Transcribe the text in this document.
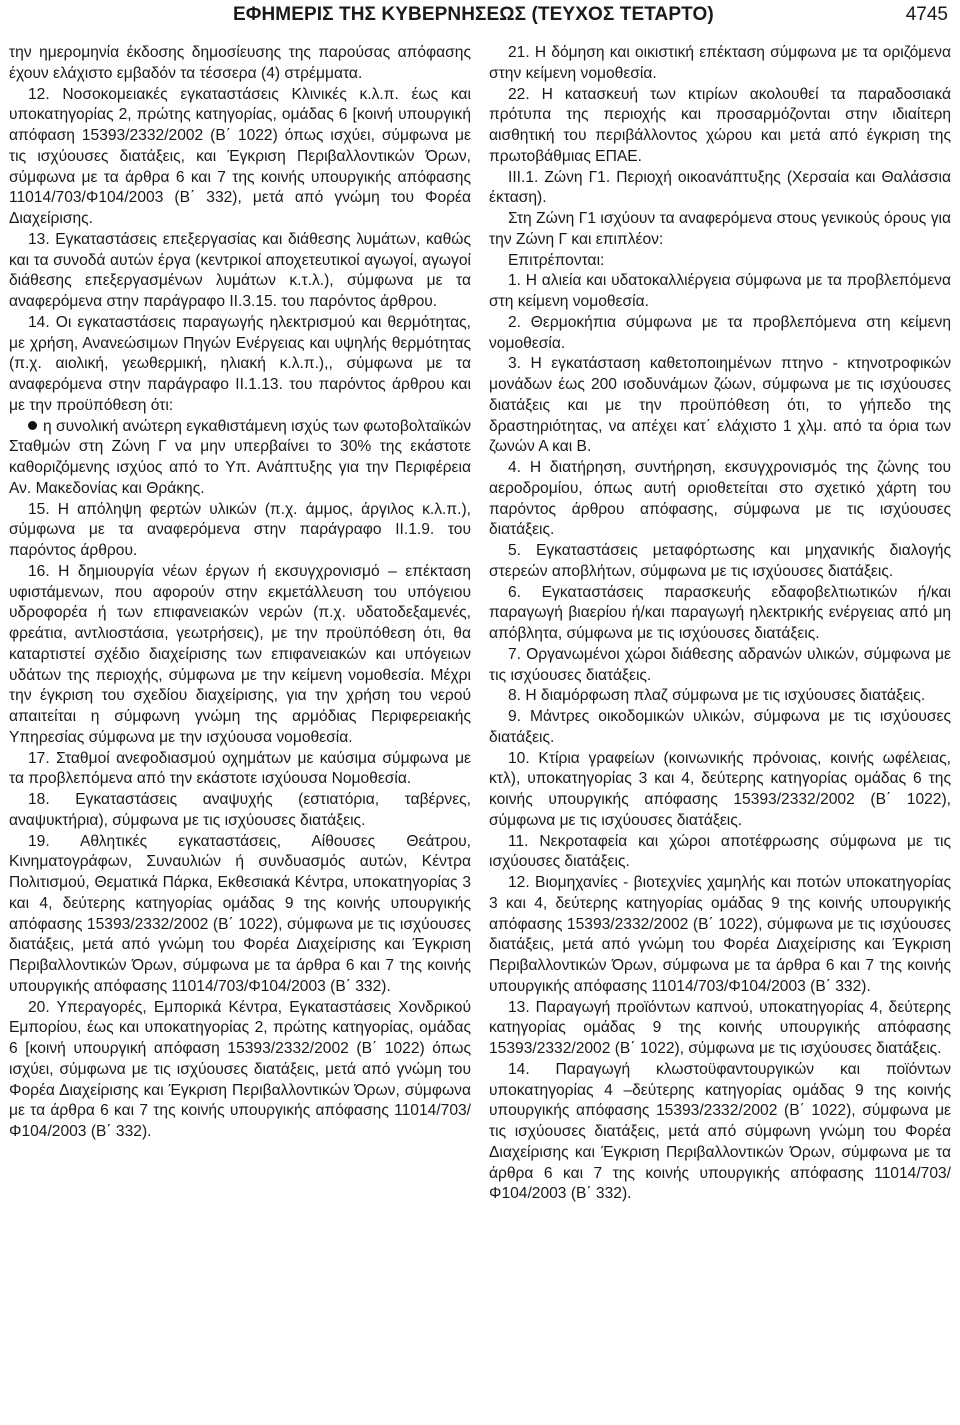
ΕΦΗΜΕΡΙΣ ΤΗΣ ΚΥΒΕΡΝΗΣΕΩΣ (ΤΕΥΧΟΣ ΤΕΤΑΡΤΟ)	4745

την ημερομηνία έκδοσης δημοσίευσης της παρούσας απόφασης έχουν ελάχιστο εμβαδόν τα τέσσερα (4) στρέμματα.

12. Νοσοκομειακές εγκαταστάσεις Κλινικές κ.λ.π. έως και υποκατηγορίας 2, πρώτης κατηγορίας, ομάδας 6 [κοινή υπουργική απόφαση 15393/2332/2002 (Β΄ 1022) όπως ισχύει, σύμφωνα με τις ισχύουσες διατάξεις, και Έγκριση Περιβαλλοντικών Όρων, σύμφωνα με τα άρθρα 6 και 7 της κοινής υπουργικής απόφασης 11014/703/Φ104/2003 (Β΄ 332), μετά από γνώμη του Φορέα Διαχείρισης.

13. Εγκαταστάσεις επεξεργασίας και διάθεσης λυμάτων, καθώς και τα συνοδά αυτών έργα (κεντρικοί αποχετευτικοί αγωγοί, αγωγοί διάθεσης επεξεργασμένων λυμάτων κ.τ.λ.), σύμφωνα με τα αναφερόμενα στην παράγραφο ΙΙ.3.15. του παρόντος άρθρου.

14. Οι εγκαταστάσεις παραγωγής ηλεκτρισμού και θερμότητας, με χρήση, Ανανεώσιμων Πηγών Ενέργειας και υψηλής θερμότητας (π.χ. αιολική, γεωθερμική, ηλιακή κ.λ.π.),, σύμφωνα με τα αναφερόμενα στην παράγραφο ΙΙ.1.13. του παρόντος άρθρου και με την προϋπόθεση ότι:

η συνολική ανώτερη εγκαθιστάμενη ισχύς των φωτοβολταϊκών Σταθμών στη Ζώνη Γ να μην υπερβαίνει το 30% της εκάστοτε καθοριζόμενης ισχύος από το Υπ. Ανάπτυξης για την Περιφέρεια Αν. Μακεδονίας και Θράκης.

15. Η απόληψη φερτών υλικών (π.χ. άμμος, άργιλος κ.λ.π.), σύμφωνα με τα αναφερόμενα στην παράγραφο ΙΙ.1.9. του παρόντος άρθρου.

16. Η δημιουργία νέων έργων ή εκσυγχρονισμό – επέκταση υφιστάμενων, που αφορούν στην εκμετάλλευση του υπόγειου υδροφορέα ή των επιφανειακών νερών (π.χ. υδατοδεξαμενές, φρεάτια, αντλιοστάσια, γεωτρήσεις), με την προϋπόθεση ότι, θα καταρτιστεί σχέδιο διαχείρισης των επιφανειακών και υπόγειων υδάτων της περιοχής, σύμφωνα με την κείμενη νομοθεσία. Μέχρι την έγκριση του σχεδίου διαχείρισης, για την χρήση του νερού απαιτείται η σύμφωνη γνώμη της αρμόδιας Περιφερειακής Υπηρεσίας σύμφωνα με την ισχύουσα νομοθεσία.

17. Σταθμοί ανεφοδιασμού οχημάτων με καύσιμα σύμφωνα με τα προβλεπόμενα από την εκάστοτε ισχύουσα Νομοθεσία.

18. Εγκαταστάσεις αναψυχής (εστιατόρια, ταβέρνες, αναψυκτήρια), σύμφωνα με τις ισχύουσες διατάξεις.

19. Αθλητικές εγκαταστάσεις, Αίθουσες Θεάτρου, Κινηματογράφων, Συναυλιών ή συνδυασμός αυτών, Κέντρα Πολιτισμού, Θεματικά Πάρκα, Εκθεσιακά Κέντρα, υποκατηγορίας 3 και 4, δεύτερης κατηγορίας ομάδας 9 της κοινής υπουργικής απόφασης 15393/2332/2002 (Β΄ 1022), σύμφωνα με τις ισχύουσες διατάξεις, μετά από γνώμη του Φορέα Διαχείρισης και Έγκριση Περιβαλλοντικών Όρων, σύμφωνα με τα άρθρα 6 και 7 της κοινής υπουργικής απόφασης 11014/703/Φ104/2003 (Β΄ 332).

20. Υπεραγορές, Εμπορικά Κέντρα, Εγκαταστάσεις Χονδρικού Εμπορίου, έως και υποκατηγορίας 2, πρώτης κατηγορίας, ομάδας 6 [κοινή υπουργική απόφαση 15393/2332/2002 (Β΄ 1022) όπως ισχύει, σύμφωνα με τις ισχύουσες διατάξεις, μετά από γνώμη του Φορέα Διαχείρισης και Έγκριση Περιβαλλοντικών Όρων, σύμφωνα με τα άρθρα 6 και 7 της κοινής υπουργικής απόφασης 11014/703/Φ104/2003 (Β΄ 332).

21. Η δόμηση και οικιστική επέκταση σύμφωνα με τα οριζόμενα στην κείμενη νομοθεσία.

22. Η κατασκευή των κτιρίων ακολουθεί τα παραδοσιακά πρότυπα της περιοχής και προσαρμόζονται στην ιδιαίτερη αισθητική του περιβάλλοντος χώρου και μετά από έγκριση της πρωτοβάθμιας ΕΠΑΕ.

ΙΙΙ.1. Ζώνη Γ1. Περιοχή οικοανάπτυξης (Χερσαία και Θαλάσσια έκταση).

Στη Ζώνη Γ1 ισχύουν τα αναφερόμενα στους γενικούς όρους για την Ζώνη Γ και επιπλέον:

Επιτρέπονται:

1. Η αλιεία και υδατοκαλλιέργεια σύμφωνα με τα προβλεπόμενα στη κείμενη νομοθεσία.

2. Θερμοκήπια σύμφωνα με τα προβλεπόμενα στη κείμενη νομοθεσία.

3. Η εγκατάσταση καθετοποιημένων πτηνο - κτηνοτροφικών μονάδων έως 200 ισοδυνάμων ζώων, σύμφωνα με τις ισχύουσες διατάξεις και με την προϋπόθεση ότι, το γήπεδο της δραστηριότητας, να απέχει κατ΄ ελάχιστο 1 χλμ. από τα όρια των ζωνών Α και Β.

4. Η διατήρηση, συντήρηση, εκσυγχρονισμός της ζώνης του αεροδρομίου, όπως αυτή οριοθετείται στο σχετικό χάρτη του παρόντος άρθρου απόφασης, σύμφωνα με τις ισχύουσες διατάξεις.

5. Εγκαταστάσεις μεταφόρτωσης και μηχανικής διαλογής στερεών αποβλήτων, σύμφωνα με τις ισχύουσες διατάξεις.

6. Εγκαταστάσεις παρασκευής εδαφοβελτιωτικών ή/και παραγωγή βιαερίου ή/και παραγωγή ηλεκτρικής ενέργειας από μη απόβλητα, σύμφωνα με τις ισχύουσες διατάξεις.

7. Οργανωμένοι χώροι διάθεσης αδρανών υλικών, σύμφωνα με τις ισχύουσες διατάξεις.

8. Η διαμόρφωση πλαζ σύμφωνα με τις ισχύουσες διατάξεις.

9. Μάντρες οικοδομικών υλικών, σύμφωνα με τις ισχύουσες διατάξεις.

10. Κτίρια γραφείων (κοινωνικής πρόνοιας, κοινής ωφέλειας, κτλ), υποκατηγορίας 3 και 4, δεύτερης κατηγορίας ομάδας 6 της κοινής υπουργικής απόφασης 15393/2332/2002 (Β΄ 1022), σύμφωνα με τις ισχύουσες διατάξεις.

11. Νεκροταφεία και χώροι αποτέφρωσης σύμφωνα με τις ισχύουσες διατάξεις.

12. Βιομηχανίες - βιοτεχνίες χαμηλής και ποτών υποκατηγορίας 3 και 4, δεύτερης κατηγορίας ομάδας 9 της κοινής υπουργικής απόφασης 15393/2332/2002 (Β΄ 1022), σύμφωνα με τις ισχύουσες διατάξεις, μετά από γνώμη του Φορέα Διαχείρισης και Έγκριση Περιβαλλοντικών Όρων, σύμφωνα με τα άρθρα 6 και 7 της κοινής υπουργικής απόφασης 11014/703/Φ104/2003 (Β΄ 332).

13. Παραγωγή προϊόντων καπνού, υποκατηγορίας 4, δεύτερης κατηγορίας ομάδας 9 της κοινής υπουργικής απόφασης 15393/2332/2002 (Β΄ 1022), σύμφωνα με τις ισχύουσες διατάξεις.

14. Παραγωγή κλωστοϋφαντουργικών και ποϊόντων υποκατηγορίας 4 –δεύτερης κατηγορίας ομάδας 9 της κοινής υπουργικής απόφασης 15393/2332/2002 (Β΄ 1022), σύμφωνα με τις ισχύουσες διατάξεις, μετά από σύμφωνη γνώμη του Φορέα Διαχείρισης και Έγκριση Περιβαλλοντικών Όρων, σύμφωνα με τα άρθρα 6 και 7 της κοινής υπουργικής απόφασης 11014/703/Φ104/2003 (Β΄ 332).
